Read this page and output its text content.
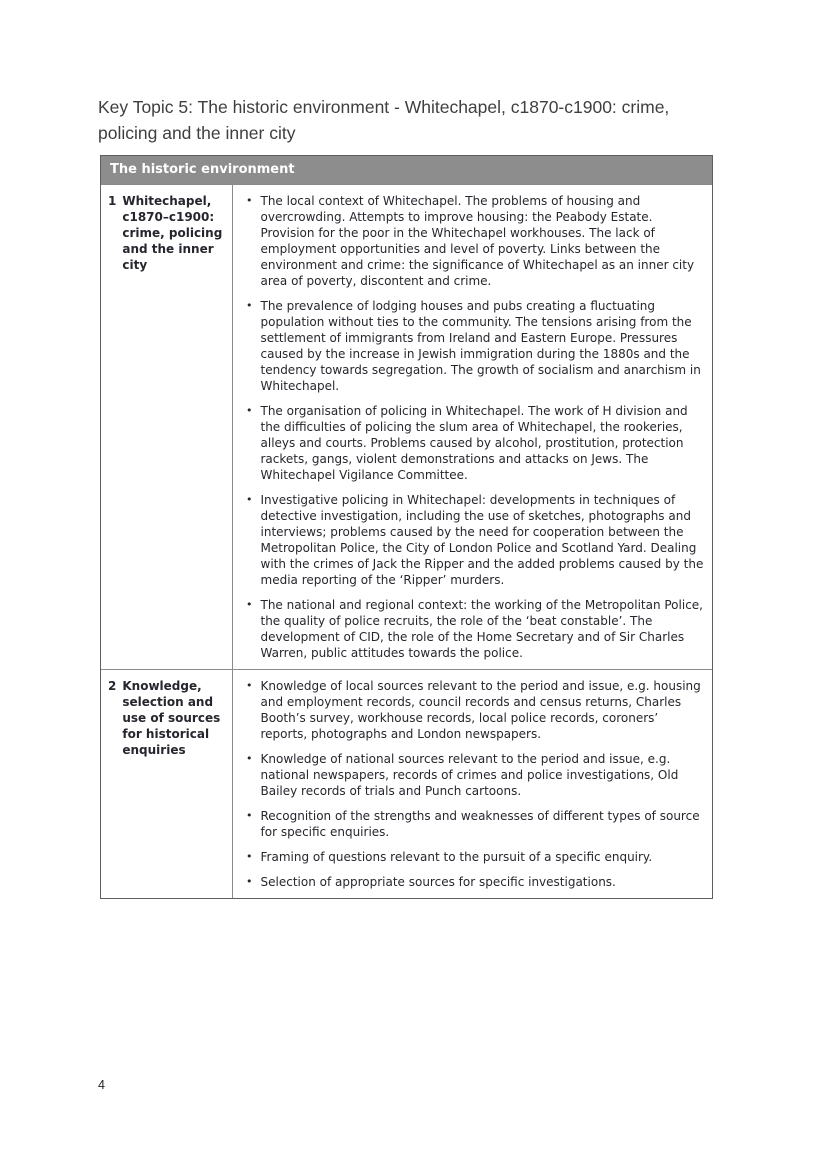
Key Topic 5: The historic environment - Whitechapel, c1870-c1900: crime, policing and the inner city
The historic environment
1 Whitechapel, c1870–c1900: crime, policing and the inner city
• The local context of Whitechapel. The problems of housing and overcrowding. Attempts to improve housing: the Peabody Estate. Provision for the poor in the Whitechapel workhouses. The lack of employment opportunities and level of poverty. Links between the environment and crime: the significance of Whitechapel as an inner city area of poverty, discontent and crime.
• The prevalence of lodging houses and pubs creating a fluctuating population without ties to the community. The tensions arising from the settlement of immigrants from Ireland and Eastern Europe. Pressures caused by the increase in Jewish immigration during the 1880s and the tendency towards segregation. The growth of socialism and anarchism in Whitechapel.
• The organisation of policing in Whitechapel. The work of H division and the difficulties of policing the slum area of Whitechapel, the rookeries, alleys and courts. Problems caused by alcohol, prostitution, protection rackets, gangs, violent demonstrations and attacks on Jews. The Whitechapel Vigilance Committee.
• Investigative policing in Whitechapel: developments in techniques of detective investigation, including the use of sketches, photographs and interviews; problems caused by the need for cooperation between the Metropolitan Police, the City of London Police and Scotland Yard. Dealing with the crimes of Jack the Ripper and the added problems caused by the media reporting of the ‘Ripper’ murders.
• The national and regional context: the working of the Metropolitan Police, the quality of police recruits, the role of the ‘beat constable’. The development of CID, the role of the Home Secretary and of Sir Charles Warren, public attitudes towards the police.
2 Knowledge, selection and use of sources for historical enquiries
• Knowledge of local sources relevant to the period and issue, e.g. housing and employment records, council records and census returns, Charles Booth’s survey, workhouse records, local police records, coroners’ reports, photographs and London newspapers.
• Knowledge of national sources relevant to the period and issue, e.g. national newspapers, records of crimes and police investigations, Old Bailey records of trials and Punch cartoons.
• Recognition of the strengths and weaknesses of different types of source for specific enquiries.
• Framing of questions relevant to the pursuit of a specific enquiry.
• Selection of appropriate sources for specific investigations.
4
